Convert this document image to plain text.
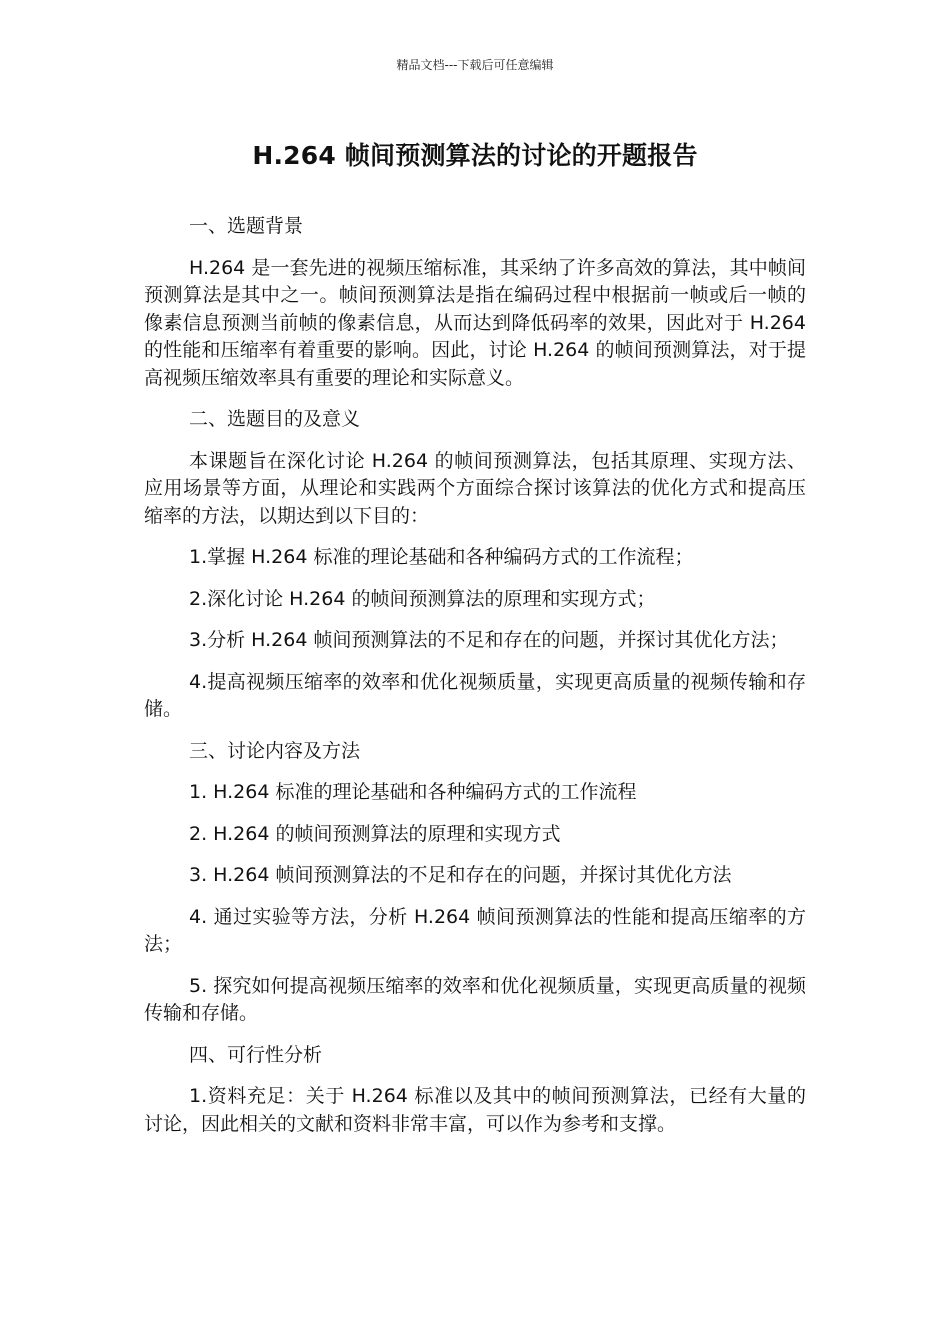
精品文档---下载后可任意编辑
H.264 帧间预测算法的讨论的开题报告
一、选题背景
H.264 是一套先进的视频压缩标准，其采纳了许多高效的算法，其中帧间预测算法是其中之一。帧间预测算法是指在编码过程中根据前一帧或后一帧的像素信息预测当前帧的像素信息，从而达到降低码率的效果，因此对于 H.264 的性能和压缩率有着重要的影响。因此，讨论 H.264 的帧间预测算法，对于提高视频压缩效率具有重要的理论和实际意义。
二、选题目的及意义
本课题旨在深化讨论 H.264 的帧间预测算法，包括其原理、实现方法、应用场景等方面，从理论和实践两个方面综合探讨该算法的优化方式和提高压缩率的方法，以期达到以下目的：
1.掌握 H.264 标准的理论基础和各种编码方式的工作流程；
2.深化讨论 H.264 的帧间预测算法的原理和实现方式；
3.分析 H.264 帧间预测算法的不足和存在的问题，并探讨其优化方法；
4.提高视频压缩率的效率和优化视频质量，实现更高质量的视频传输和存储。
三、讨论内容及方法
1. H.264 标准的理论基础和各种编码方式的工作流程
2. H.264 的帧间预测算法的原理和实现方式
3. H.264 帧间预测算法的不足和存在的问题，并探讨其优化方法
4. 通过实验等方法，分析 H.264 帧间预测算法的性能和提高压缩率的方法；
5. 探究如何提高视频压缩率的效率和优化视频质量，实现更高质量的视频传输和存储。
四、可行性分析
1.资料充足：关于 H.264 标准以及其中的帧间预测算法，已经有大量的讨论，因此相关的文献和资料非常丰富，可以作为参考和支撑。
